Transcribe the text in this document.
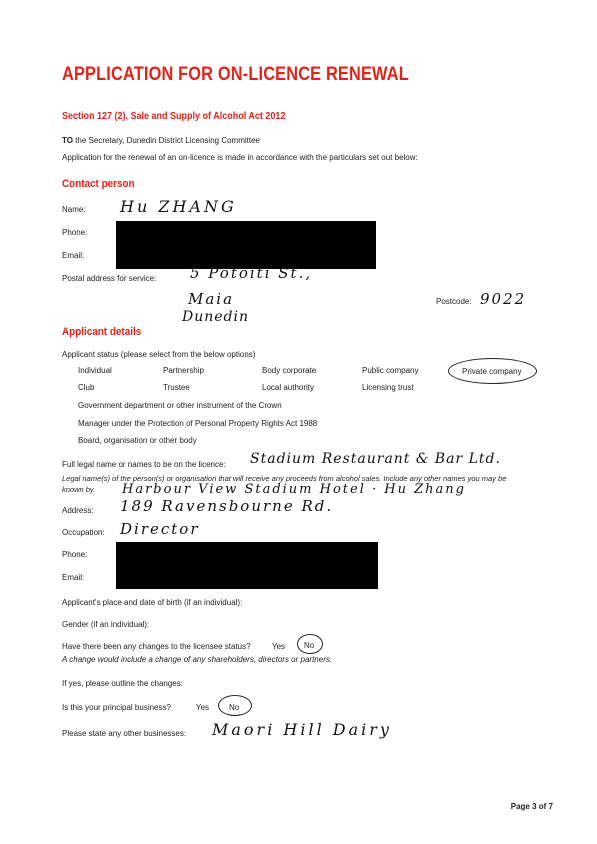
APPLICATION FOR ON-LICENCE RENEWAL
Section 127 (2), Sale and Supply of Alcohol Act 2012
TO the Secretary, Dunedin District Licensing Committee
Application for the renewal of an on-licence is made in accordance with the particulars set out below:
Contact person
Name: Hu ZHANG
Phone:
Email:
Postal address for service: 5 Potoiti St.,
Maia
Dunedin
Postcode: 9022
Applicant details
Applicant status (please select from the below options)
Individual	Partnership	Body corporate	Public company	Private company
Club	Trustee	Local authority	Licensing trust
Government department or other instrument of the Crown
Manager under the Protection of Personal Property Rights Act 1988
Board, organisation or other body
Full legal name or names to be on the licence: Stadium Restaurant & Bar Ltd.
Legal name(s) of the person(s) or organisation that will receive any proceeds from alcohol sales. Include any other names you may be
known by. Harbour View Stadium Hotel · Hu Zhang
Address: 189 Ravensbourne Rd.
Occupation: Director
Phone:
Email:
Applicant's place and date of birth (if an individual):
Gender (if an individual):
Have there been any changes to the licensee status?	Yes No
A change would include a change of any shareholders, directors or partners.
If yes, please outline the changes:
Is this your principal business?	Yes No
Please state any other businesses: Maori Hill Dairy
Page 3 of 7
